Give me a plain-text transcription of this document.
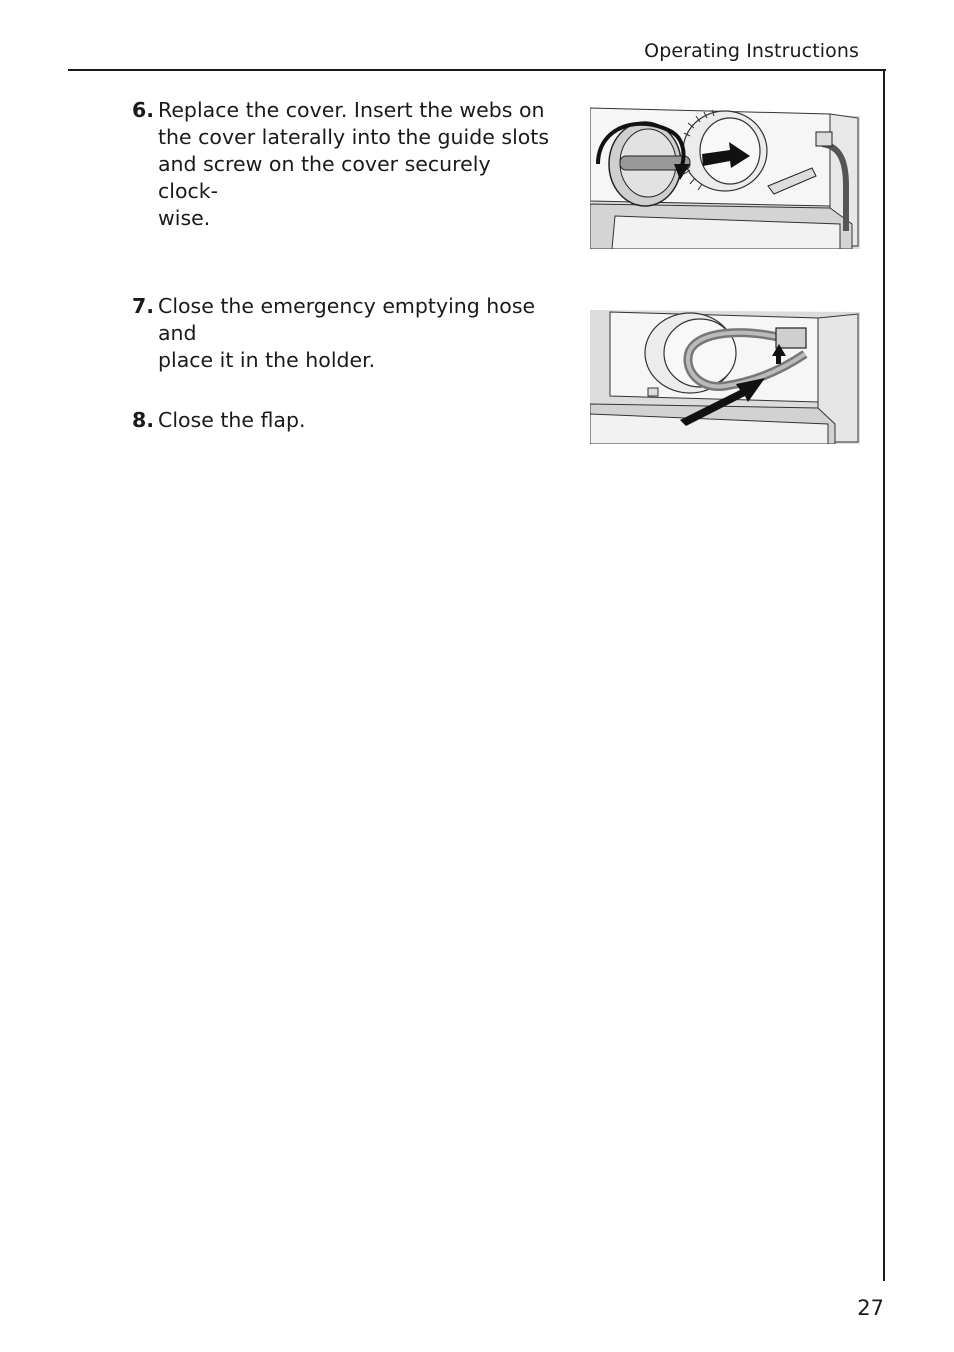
Operating Instructions
6. Replace the cover. Insert the webs on
the cover laterally into the guide slots
and screw on the cover securely clock-
wise.
7. Close the emergency emptying hose and
place it in the holder.
8. Close the flap.
27
